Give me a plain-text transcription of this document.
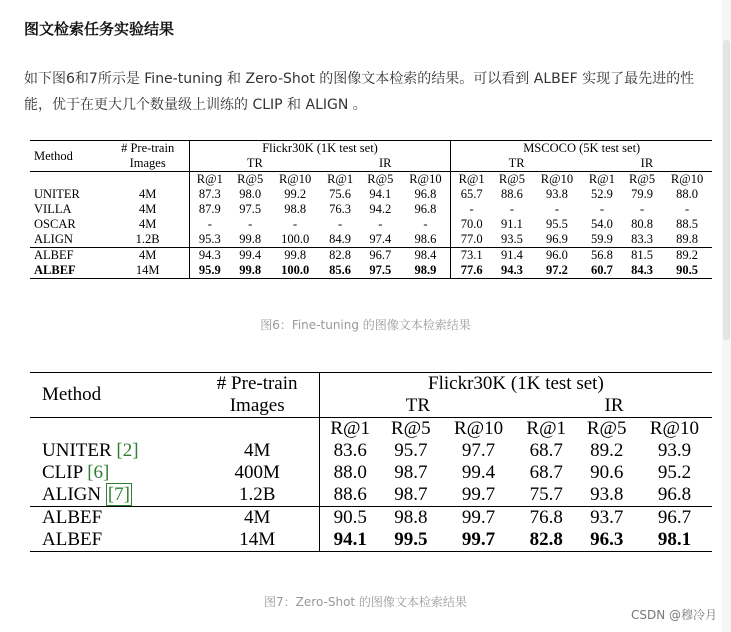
图文检索任务实验结果
如下图6和7所示是 Fine-tuning 和 Zero-Shot 的图像文本检索的结果。可以看到 ALBEF 实现了最先进的性能，优于在更大几个数量级上训练的 CLIP 和 ALIGN 。
Method	# Pre-train	Flickr30K (1K test set)						MSCOCO (5K test set)					
	Images	TR			IR			TR			IR		
		R@1	R@5	R@10	R@1	R@5	R@10	R@1	R@5	R@10	R@1	R@5	R@10
UNITER	4M	87.3	98.0	99.2	75.6	94.1	96.8	65.7	88.6	93.8	52.9	79.9	88.0
VILLA	4M	87.9	97.5	98.8	76.3	94.2	96.8	-	-	-	-	-	-
OSCAR	4M	-	-	-	-	-	-	70.0	91.1	95.5	54.0	80.8	88.5
ALIGN	1.2B	95.3	99.8	100.0	84.9	97.4	98.6	77.0	93.5	96.9	59.9	83.3	89.8
ALBEF	4M	94.3	99.4	99.8	82.8	96.7	98.4	73.1	91.4	96.0	56.8	81.5	89.2
ALBEF	14M	95.9	99.8	100.0	85.6	97.5	98.9	77.6	94.3	97.2	60.7	84.3	90.5
图6：Fine-tuning 的图像文本检索结果
Method	# Pre-train	Flickr30K (1K test set)					
	Images	TR			IR		
		R@1	R@5	R@10	R@1	R@5	R@10
UNITER [2]	4M	83.6	95.7	97.7	68.7	89.2	93.9
CLIP [6]	400M	88.0	98.7	99.4	68.7	90.6	95.2
ALIGN [7]	1.2B	88.6	98.7	99.7	75.7	93.8	96.8
ALBEF	4M	90.5	98.8	99.7	76.8	93.7	96.7
ALBEF	14M	94.1	99.5	99.7	82.8	96.3	98.1
图7：Zero-Shot 的图像文本检索结果
CSDN @穆冷月
